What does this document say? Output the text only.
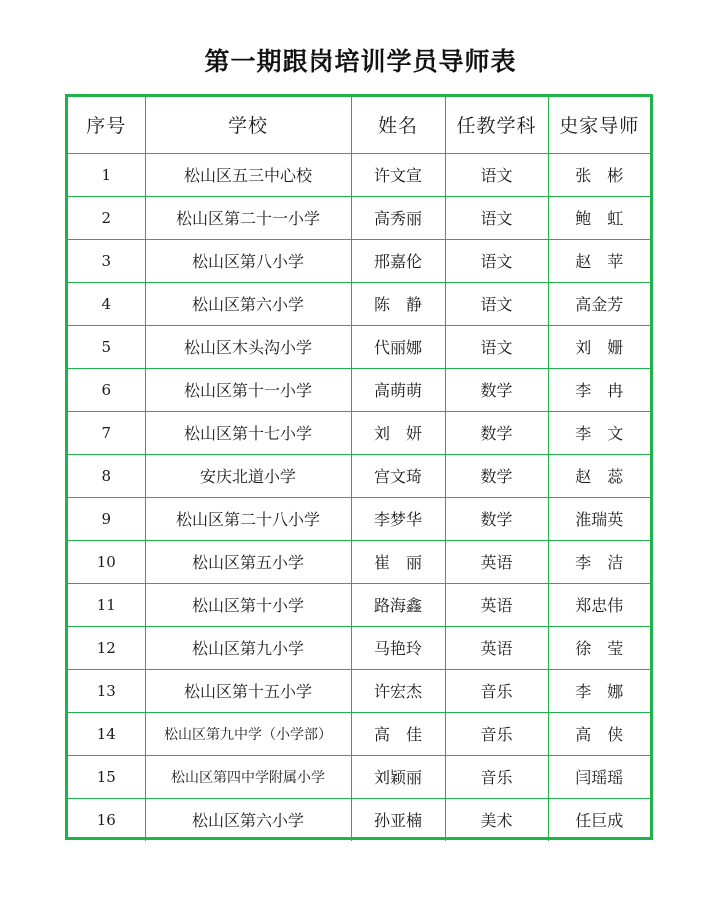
第一期跟岗培训学员导师表
序号	学校	姓名	任教学科	史家导师
1	松山区五三中心校	许文宣	语文	张　彬
2	松山区第二十一小学	高秀丽	语文	鲍　虹
3	松山区第八小学	邢嘉伦	语文	赵　苹
4	松山区第六小学	陈　静	语文	高金芳
5	松山区木头沟小学	代丽娜	语文	刘　姗
6	松山区第十一小学	高萌萌	数学	李　冉
7	松山区第十七小学	刘　妍	数学	李　文
8	安庆北道小学	宫文琦	数学	赵　蕊
9	松山区第二十八小学	李梦华	数学	淮瑞英
10	松山区第五小学	崔　丽	英语	李　洁
11	松山区第十小学	路海鑫	英语	郑忠伟
12	松山区第九小学	马艳玲	英语	徐　莹
13	松山区第十五小学	许宏杰	音乐	李　娜
14	松山区第九中学（小学部）	高　佳	音乐	高　侠
15	松山区第四中学附属小学	刘颖丽	音乐	闫瑶瑶
16	松山区第六小学	孙亚楠	美术	任巨成
